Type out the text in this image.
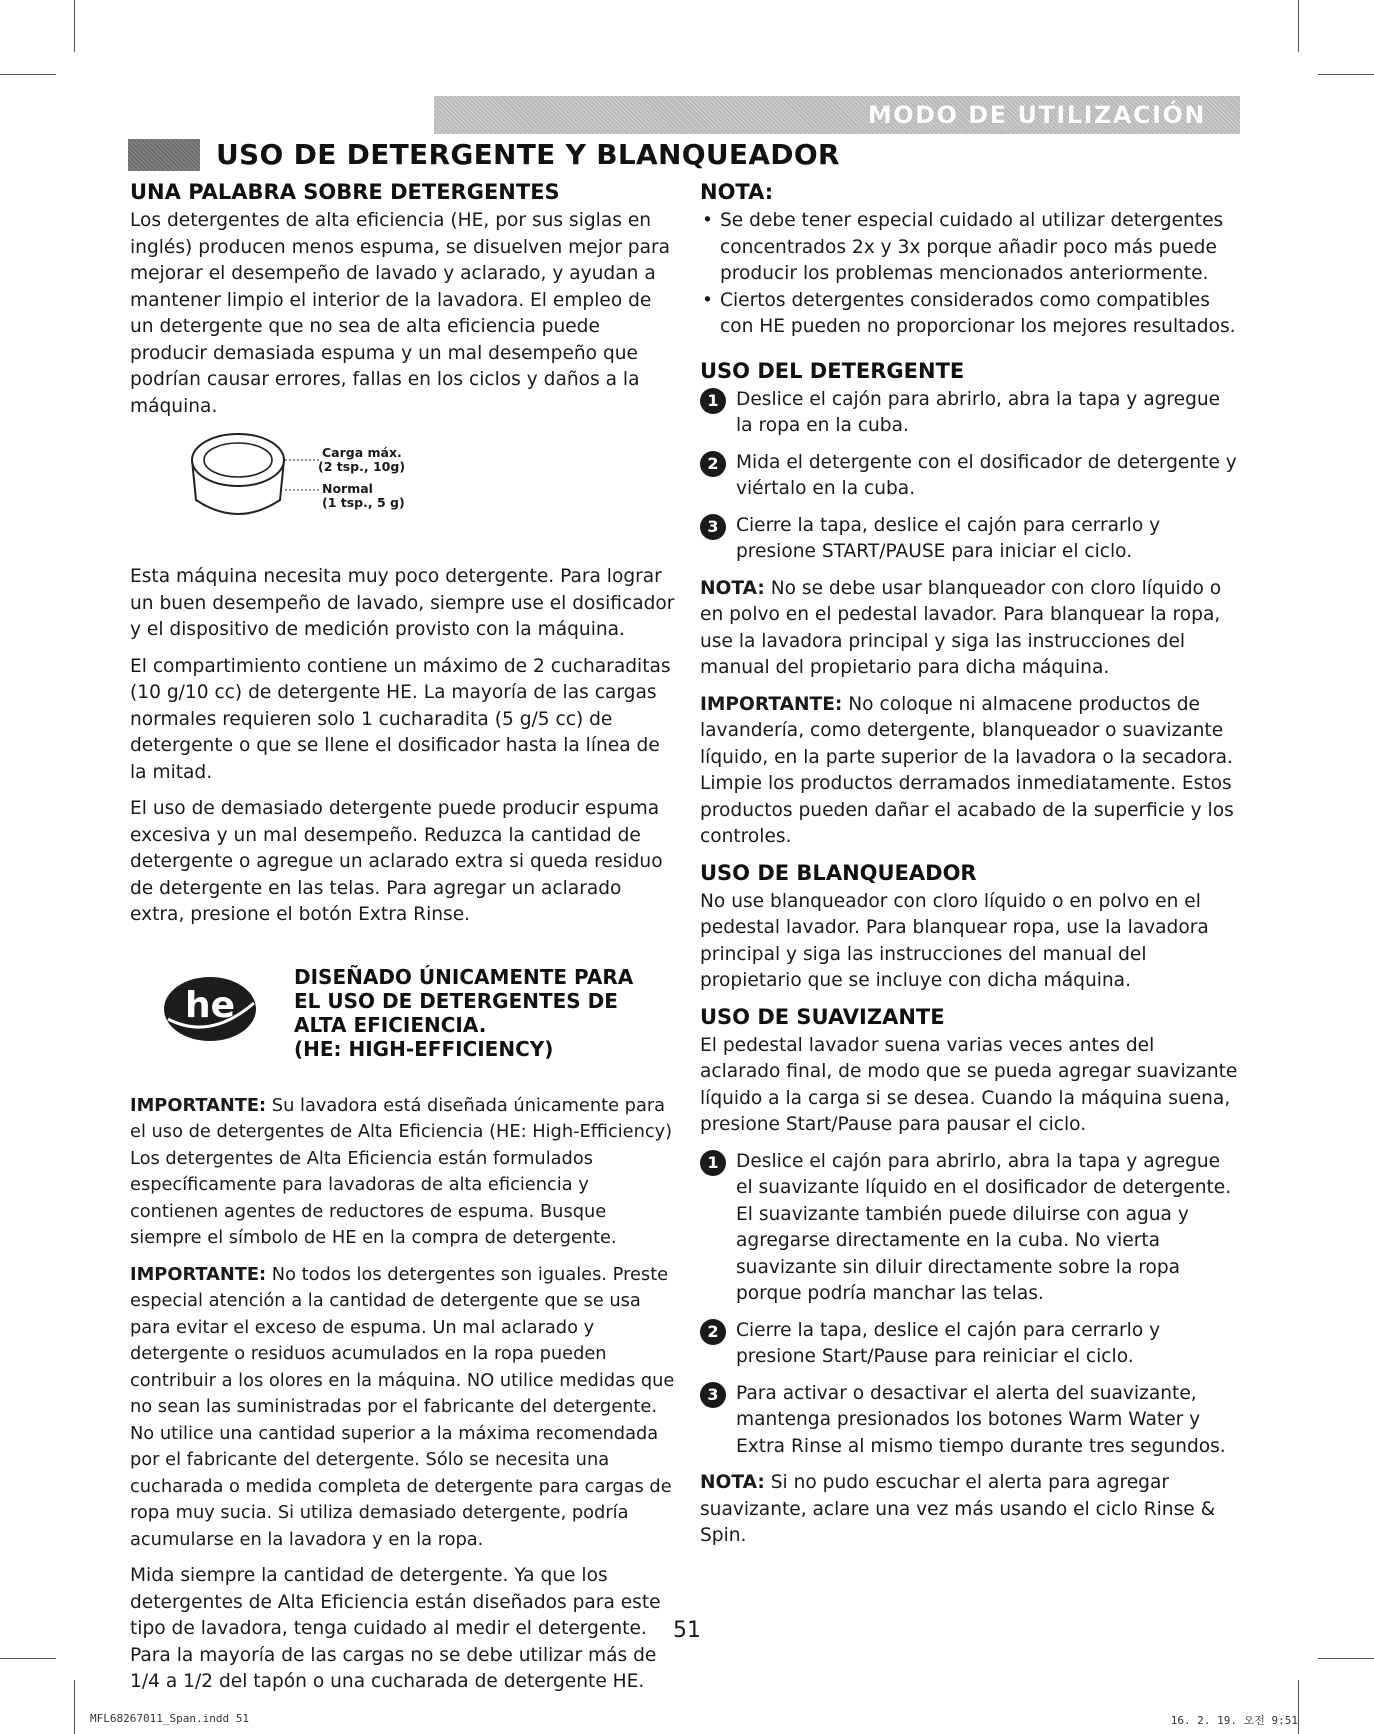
MODO DE UTILIZACIÓN
USO DE DETERGENTE Y BLANQUEADOR
UNA PALABRA SOBRE DETERGENTES

Los detergentes de alta eficiencia (HE, por sus siglas en inglés) producen menos espuma, se disuelven mejor para mejorar el desempeño de lavado y aclarado, y ayudan a mantener limpio el interior de la lavadora. El empleo de un detergente que no sea de alta eficiencia puede producir demasiada espuma y un mal desempeño que podrían causar errores, fallas en los ciclos y daños a la máquina.

Carga máx.
(2 tsp., 10g)
Normal
(1 tsp., 5 g)

Esta máquina necesita muy poco detergente. Para lograr un buen desempeño de lavado, siempre use el dosificador y el dispositivo de medición provisto con la máquina.

El compartimiento contiene un máximo de 2 cucharaditas (10 g/10 cc) de detergente HE. La mayoría de las cargas normales requieren solo 1 cucharadita (5 g/5 cc) de detergente o que se llene el dosificador hasta la línea de la mitad.

El uso de demasiado detergente puede producir espuma excesiva y un mal desempeño. Reduzca la cantidad de detergente o agregue un aclarado extra si queda residuo de detergente en las telas. Para agregar un aclarado extra, presione el botón Extra Rinse.

he
DISEÑADO ÚNICAMENTE PARA
EL USO DE DETERGENTES DE
ALTA EFICIENCIA.
(HE: HIGH-EFFICIENCY)

IMPORTANTE: Su lavadora está diseñada únicamente para el uso de detergentes de Alta Eficiencia (HE: High-Efficiency) Los detergentes de Alta Eficiencia están formulados específicamente para lavadoras de alta eficiencia y contienen agentes de reductores de espuma. Busque siempre el símbolo de HE en la compra de detergente.

IMPORTANTE: No todos los detergentes son iguales. Preste especial atención a la cantidad de detergente que se usa para evitar el exceso de espuma. Un mal aclarado y detergente o residuos acumulados en la ropa pueden contribuir a los olores en la máquina. NO utilice medidas que no sean las suministradas por el fabricante del detergente. No utilice una cantidad superior a la máxima recomendada por el fabricante del detergente. Sólo se necesita una cucharada o medida completa de detergente para cargas de ropa muy sucia. Si utiliza demasiado detergente, podría acumularse en la lavadora y en la ropa.

Mida siempre la cantidad de detergente. Ya que los detergentes de Alta Eficiencia están diseñados para este tipo de lavadora, tenga cuidado al medir el detergente. Para la mayoría de las cargas no se debe utilizar más de 1/4 a 1/2 del tapón o una cucharada de detergente HE.

NOTA:
• Se debe tener especial cuidado al utilizar detergentes concentrados 2x y 3x porque añadir poco más puede producir los problemas mencionados anteriormente.
• Ciertos detergentes considerados como compatibles con HE pueden no proporcionar los mejores resultados.
USO DEL DETERGENTE
1 Deslice el cajón para abrirlo, abra la tapa y agregue la ropa en la cuba.
2 Mida el detergente con el dosificador de detergente y viértalo en la cuba.
3 Cierre la tapa, deslice el cajón para cerrarlo y presione START/PAUSE para iniciar el ciclo.

NOTA: No se debe usar blanqueador con cloro líquido o en polvo en el pedestal lavador. Para blanquear la ropa, use la lavadora principal y siga las instrucciones del manual del propietario para dicha máquina.

IMPORTANTE: No coloque ni almacene productos de lavandería, como detergente, blanqueador o suavizante líquido, en la parte superior de la lavadora o la secadora. Limpie los productos derramados inmediatamente. Estos productos pueden dañar el acabado de la superficie y los controles.

USO DE BLANQUEADOR

No use blanqueador con cloro líquido o en polvo en el pedestal lavador. Para blanquear ropa, use la lavadora principal y siga las instrucciones del manual del propietario que se incluye con dicha máquina.

USO DE SUAVIZANTE

El pedestal lavador suena varias veces antes del aclarado final, de modo que se pueda agregar suavizante líquido a la carga si se desea. Cuando la máquina suena, presione Start/Pause para pausar el ciclo.

1 Deslice el cajón para abrirlo, abra la tapa y agregue el suavizante líquido en el dosificador de detergente. El suavizante también puede diluirse con agua y agregarse directamente en la cuba. No vierta suavizante sin diluir directamente sobre la ropa porque podría manchar las telas.
2 Cierre la tapa, deslice el cajón para cerrarlo y presione Start/Pause para reiniciar el ciclo.
3 Para activar o desactivar el alerta del suavizante, mantenga presionados los botones Warm Water y Extra Rinse al mismo tiempo durante tres segundos.

NOTA: Si no pudo escuchar el alerta para agregar suavizante, aclare una vez más usando el ciclo Rinse & Spin.

51
MFL68267011_Span.indd 51	16. 2. 19. 오전 9:51
